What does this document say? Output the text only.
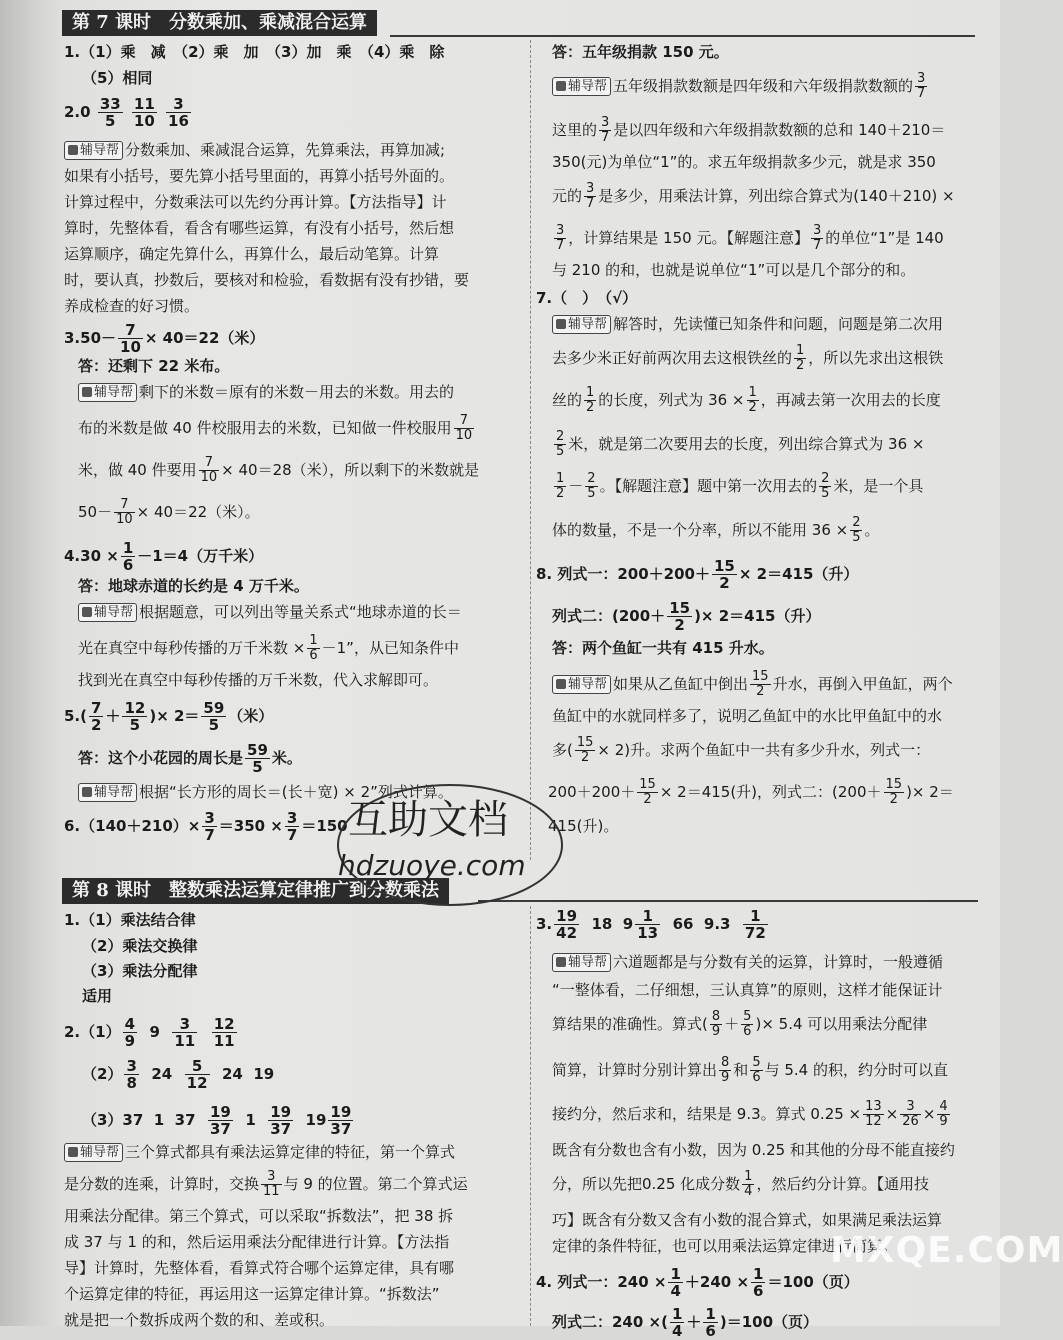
第 7 课时　分数乘加、乘减混合运算
1.（1）乘　减　（2）乘　加　（3）加　乘　（4）乘　除
（5）相同
$2.0 \frac{33}{5}$
$\frac{11}{10}$
$\frac{3}{16}$
辅导帮 分数乘加、乘减混合运算，先算乘法，再算加减;
如果有小括号，要先算小括号里面的，再算小括号外面的。
计算过程中，分数乘法可以先约分再计算。【方法指导】计
算时，先整体看，看含有哪些运算，有没有小括号，然后想
运算顺序，确定先算什么，再算什么，最后动笔算。计算
时，要认真，抄数后，要核对和检验，看数据有没有抄错，要
养成检查的好习惯。
$3.50- \frac{7}{10} \times 40=22$（米）
答：还剩下 22 米布。
辅导帮 剩下的米数＝原有的米数－用去的米数。用去的
布的米数是做 40 件校服用去的米数，已知做一件校服用 $\frac{7}{10}$
米，做 40 件要用 $\frac{7}{10} \times 40=28$（米），所以剩下的米数就是
$50- \frac{7}{10} \times 40=22$（米）。
$4.30 \times \frac{1}{6} -1=4$（万千米）
答：地球赤道的长约是 4 万千米。
辅导帮 根据题意，可以列出等量关系式“地球赤道的长＝
光在真空中每秒传播的万千米数 × $\frac{1}{6} -1$”，从已知条件中
找到光在真空中每秒传播的万千米数，代入求解即可。
$5.( \frac{7}{2} + \frac{12}{5}$ )× $2= \frac{59}{5}$ （米）
答：这个小花园的周长是 $\frac{59}{5}$ 米。
辅导帮 根据“长方形的周长＝(长＋宽) × 2”列式计算。
$6.(140+210)\times \frac{3}{7} =350 \times \frac{3}{7} =150$
答：五年级捐款 150 元。
辅导帮 五年级捐款数额是四年级和六年级捐款数额的 $\frac{3}{7}$
这里的 $\frac{3}{7}$ 是以四年级和六年级捐款数额的总和 140＋210＝
350(元)为单位“1”的。求五年级捐款多少元，就是求 350
元的 $\frac{3}{7}$ 是多少，用乘法计算，列出综合算式为(140＋210) ×
$\frac{3}{7}$ ，计算结果是 150 元。【解题注意】 $\frac{3}{7}$ 的单位“1”是 140
与 210 的和，也就是说单位“1”可以是几个部分的和。
7.（　）　（√）
辅导帮 解答时，先读懂已知条件和问题，问题是第二次用
去多少米正好前两次用去这根铁丝的 $\frac{1}{2}$ ，所以先求出这根铁
丝的 $\frac{1}{2}$ 的长度，列式为 $36 \times \frac{1}{2}$ ，再减去第一次用去的长度
$\frac{2}{5}$ 米，就是第二次要用去的长度，列出综合算式为 36 ×
$\frac{1}{2} - \frac{2}{5}$ 。【解题注意】题中第一次用去的 $\frac{2}{5}$ 米，是一个具
体的数量，不是一个分率，所以不能用 $36 \times \frac{2}{5}$ 。
8. 列式一：$200+200+ \frac{15}{2} \times 2=415$（升）
列式二：($200+ \frac{15}{2}$ )× 2＝415（升）
答：两个鱼缸一共有 415 升水。
辅导帮 如果从乙鱼缸中倒出 $\frac{15}{2}$ 升水，再倒入甲鱼缸，两个
鱼缸中的水就同样多了，说明乙鱼缸中的水比甲鱼缸中的水
多( $\frac{15}{2} \times 2$)升。求两个鱼缸中一共有多少升水，列式一：
$200+200+ \frac{15}{2} \times 2=415$(升)，列式二：($200+ \frac{15}{2}$ )× 2＝
415(升)。
第 8 课时　整数乘法运算定律推广到分数乘法
1.（1）乘法结合律
（2）乘法交换律
（3）乘法分配律
适用
$2.(1) \frac{4}{9} 9 \frac{3}{11}$
$\frac{12}{11}$
$(2) \frac{3}{8} 24 \frac{5}{12} 24$ 19
（3）37 1 $37 \frac{19}{37} 1 \frac{19}{37} 19 \frac{19}{37}$
辅导帮 三个算式都具有乘法运算定律的特征，第一个算式
是分数的连乘，计算时，交换 $\frac{3}{11}$ 与 9 的位置。第二个算式运
用乘法分配律。第三个算式，可以采取“拆数法”，把 38 拆
成 37 与 1 的和，然后运用乘法分配律进行计算。【方法指
导】计算时，先整体看，看算式符合哪个运算定律，具有哪
个运算定律的特征，再运用这一运算定律计算。“拆数法”
就是把一个数拆成两个数的和、差或积。
3. $\frac{19}{42} 18$ $9 \frac{1}{13} 66$ $9.3 \frac{1}{72}$
辅导帮 六道题都是与分数有关的运算，计算时，一般遵循
“一整体看，二仔细想，三认真算”的原则，这样才能保证计
算结果的准确性。算式( $\frac{8}{9} + \frac{5}{6}$ )× 5.4 可以用乘法分配律
简算，计算时分别计算出 $\frac{8}{9}$ 和 $\frac{5}{6}$ 与 5.4 的积，约分时可以直
接约分，然后求和，结果是 9.3。算式 $0.25 \times \frac{13}{12} \times \frac{3}{26} \times \frac{4}{9}$
既含有分数也含有小数，因为 0.25 和其他的分母不能直接约
分，所以先把0.25 化成分数 $\frac{1}{4}$ ，然后约分计算。【通用技
巧】既含有分数又含有小数的混合算式，如果满足乘法运算
定律的条件特征，也可以用乘法运算定律进行简算。
4. 列式一：$240 \times \frac{1}{4} +240 \times \frac{1}{6} =100$（页）
列式二：240 ×( $\frac{1}{4} + \frac{1}{6} )=100$（页）
互助文档
hdzuoye.com
MXQE.COM
